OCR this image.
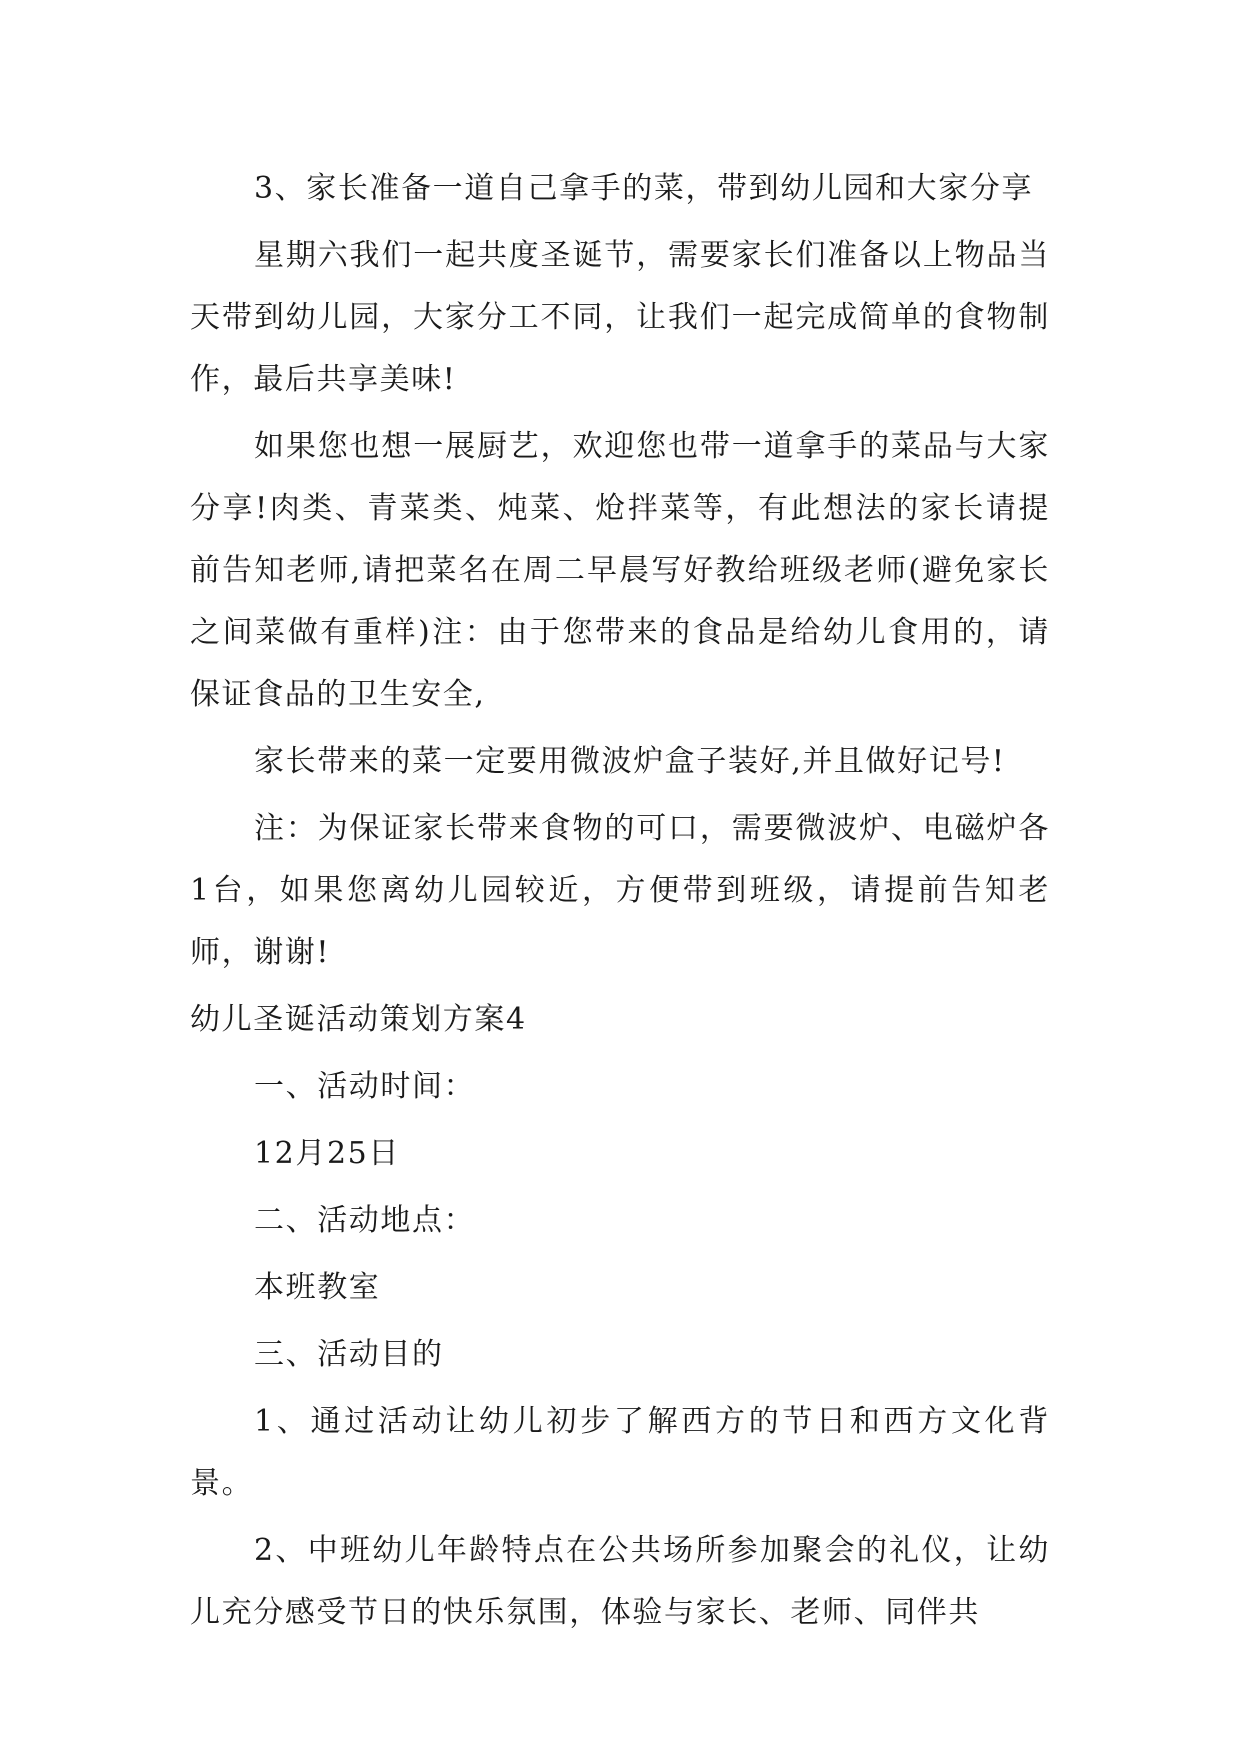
3、家长准备一道自己拿手的菜，带到幼儿园和大家分享

星期六我们一起共度圣诞节，需要家长们准备以上物品当天带到幼儿园，大家分工不同，让我们一起完成简单的食物制作，最后共享美味!

如果您也想一展厨艺，欢迎您也带一道拿手的菜品与大家分享!肉类、青菜类、炖菜、炝拌菜等，有此想法的家长请提前告知老师,请把菜名在周二早晨写好教给班级老师(避免家长之间菜做有重样)注：由于您带来的食品是给幼儿食用的，请保证食品的卫生安全,

家长带来的菜一定要用微波炉盒子装好,并且做好记号!

注：为保证家长带来食物的可口，需要微波炉、电磁炉各1台，如果您离幼儿园较近，方便带到班级，请提前告知老师，谢谢!

幼儿圣诞活动策划方案4

一、活动时间：

12月25日

二、活动地点：

本班教室

三、活动目的

1、通过活动让幼儿初步了解西方的节日和西方文化背景。

2、中班幼儿年龄特点在公共场所参加聚会的礼仪，让幼儿充分感受节日的快乐氛围，体验与家长、老师、同伴共
